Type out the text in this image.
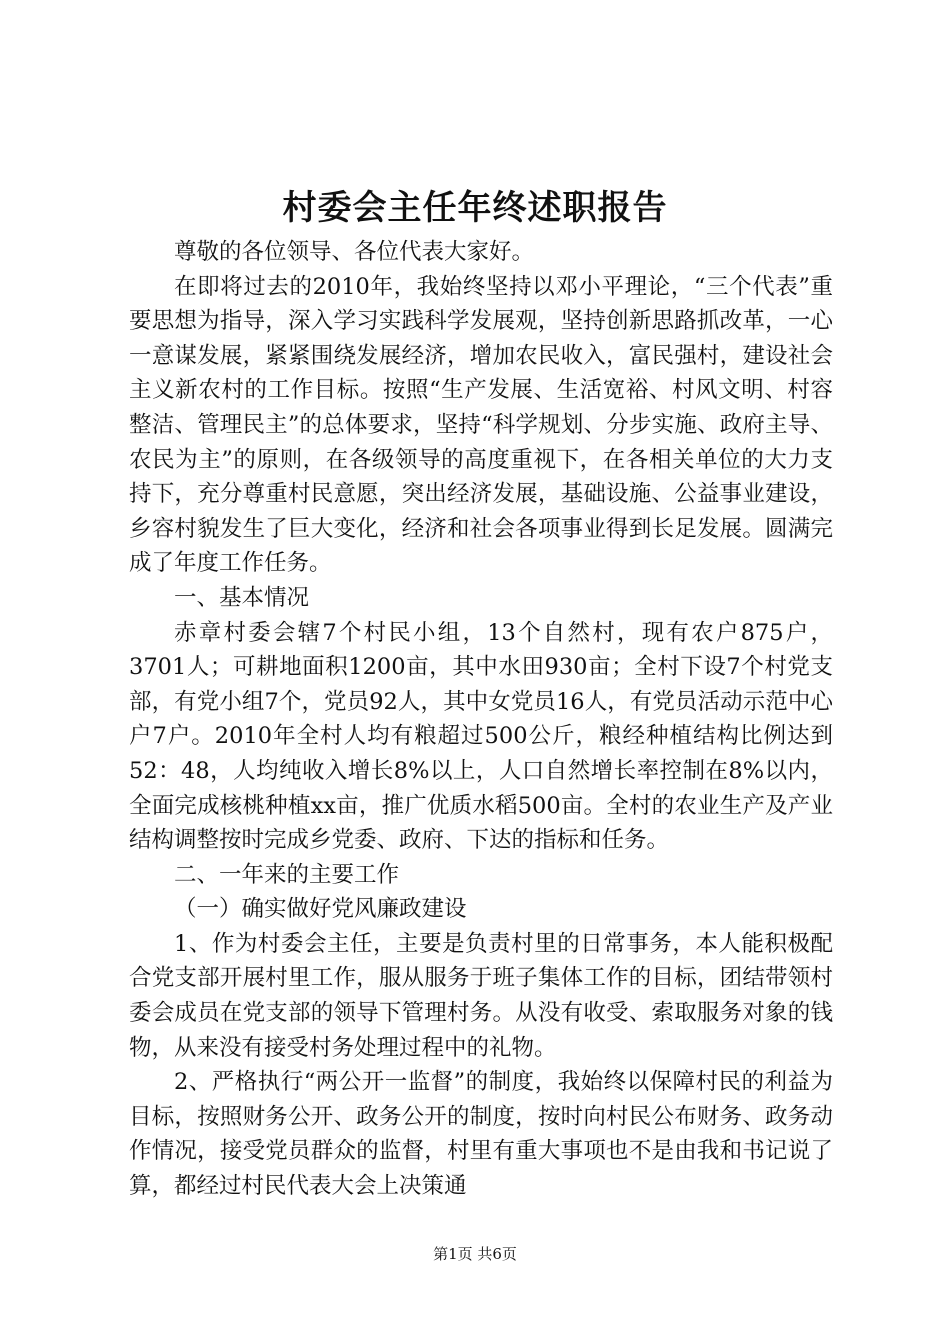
村委会主任年终述职报告

尊敬的各位领导、各位代表大家好。

在即将过去的2010年，我始终坚持以邓小平理论，“三个代表”重要思想为指导，深入学习实践科学发展观，坚持创新思路抓改革，一心一意谋发展，紧紧围绕发展经济，增加农民收入，富民强村，建设社会主义新农村的工作目标。按照“生产发展、生活宽裕、村风文明、村容整洁、管理民主”的总体要求，坚持“科学规划、分步实施、政府主导、农民为主”的原则，在各级领导的高度重视下，在各相关单位的大力支持下，充分尊重村民意愿，突出经济发展，基础设施、公益事业建设，乡容村貌发生了巨大变化，经济和社会各项事业得到长足发展。圆满完成了年度工作任务。

一、基本情况

赤章村委会辖7个村民小组，13个自然村，现有农户875户，3701人；可耕地面积1200亩，其中水田930亩；全村下设7个村党支部，有党小组7个，党员92人，其中女党员16人，有党员活动示范中心户7户。2010年全村人均有粮超过500公斤，粮经种植结构比例达到52：48，人均纯收入增长8%以上，人口自然增长率控制在8%以内，全面完成核桃种植xx亩，推广优质水稻500亩。全村的农业生产及产业结构调整按时完成乡党委、政府、下达的指标和任务。

二、一年来的主要工作

（一）确实做好党风廉政建设

1、作为村委会主任，主要是负责村里的日常事务，本人能积极配合党支部开展村里工作，服从服务于班子集体工作的目标，团结带领村委会成员在党支部的领导下管理村务。从没有收受、索取服务对象的钱物，从来没有接受村务处理过程中的礼物。

2、严格执行“两公开一监督”的制度，我始终以保障村民的利益为目标，按照财务公开、政务公开的制度，按时向村民公布财务、政务动作情况，接受党员群众的监督，村里有重大事项也不是由我和书记说了算，都经过村民代表大会上决策通

第1页 共6页
